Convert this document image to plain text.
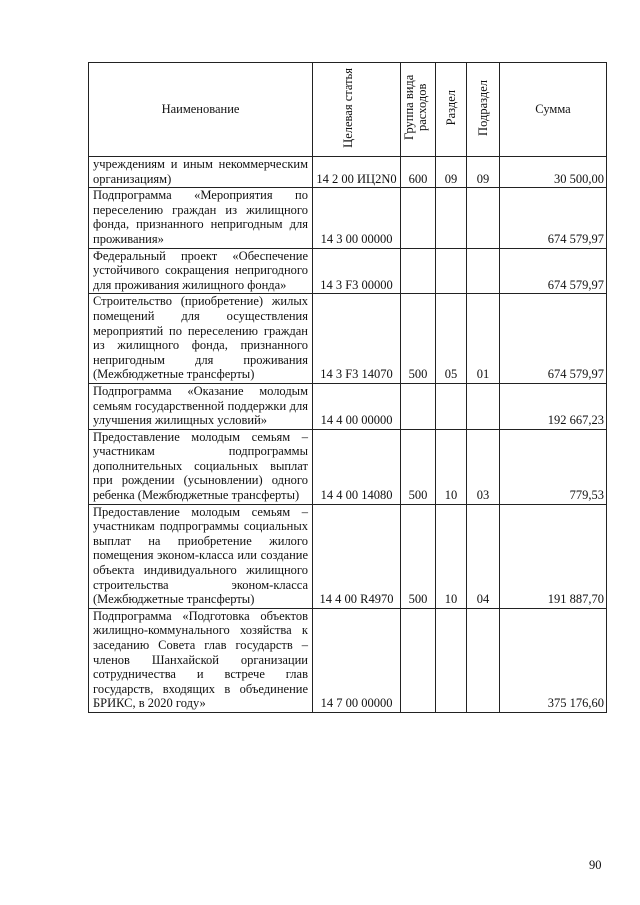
Наименование	Целевая статья	Группа вида расходов	Раздел	Подраздел	Сумма
учреждениям и иным некоммерческим организациям)	14 2 00 ИЦ2N0	600	09	09	30 500,00
Подпрограмма «Мероприятия по переселению граждан из жилищного фонда, признанного непригодным для проживания»	14 3 00 00000				674 579,97
Федеральный проект «Обеспечение устойчивого сокращения непригодного для проживания жилищного фонда»	14 3 F3 00000				674 579,97
Строительство (приобретение) жилых помещений для осуществления мероприятий по переселению граждан из жилищного фонда, признанного непригодным для проживания (Межбюджетные трансферты)	14 3 F3 14070	500	05	01	674 579,97
Подпрограмма «Оказание молодым семьям государственной поддержки для улучшения жилищных условий»	14 4 00 00000				192 667,23
Предоставление молодым семьям – участникам подпрограммы дополнительных социальных выплат при рождении (усыновлении) одного ребенка (Межбюджетные трансферты)	14 4 00 14080	500	10	03	779,53
Предоставление молодым семьям – участникам подпрограммы социальных выплат на приобретение жилого помещения эконом-класса или создание объекта индивидуального жилищного строительства эконом-класса (Межбюджетные трансферты)	14 4 00 R4970	500	10	04	191 887,70
Подпрограмма «Подготовка объектов жилищно-коммунального хозяйства к заседанию Совета глав государств – членов Шанхайской организации сотрудничества и встрече глав государств, входящих в объединение БРИКС, в 2020 году»	14 7 00 00000				375 176,60
90
